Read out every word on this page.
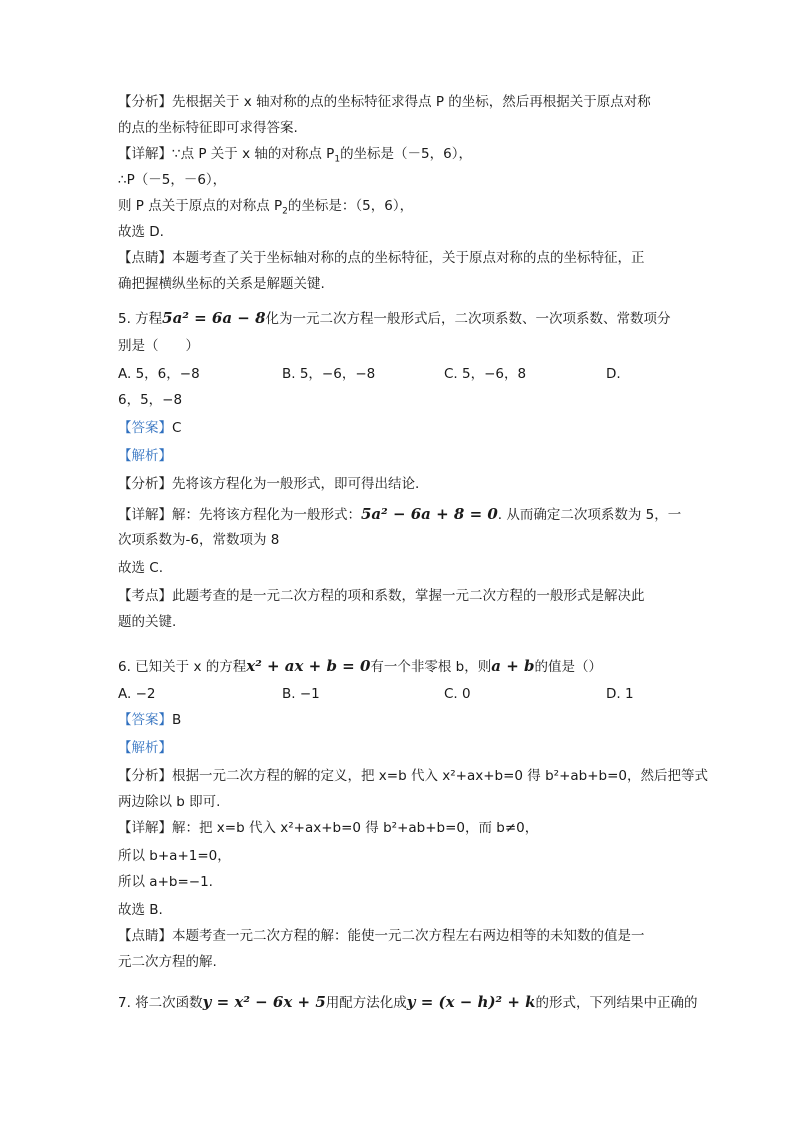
【分析】先根据关于 x 轴对称的点的坐标特征求得点 P 的坐标，然后再根据关于原点对称
的点的坐标特征即可求得答案.
【详解】∵点 P 关于 x 轴的对称点 $P_1$的坐标是（－5，6），
∴P（－5，－6），
则 P 点关于原点的对称点 $P_2$的坐标是：（5，6），
故选 D.
【点睛】本题考查了关于坐标轴对称的点的坐标特征，关于原点对称的点的坐标特征，正
确把握横纵坐标的关系是解题关键.
5. 方程5a² = 6a − 8化为一元二次方程一般形式后，二次项系数、一次项系数、常数项分
别是（　　）
A. 5，6，−8	B. 5，−6，−8	C. 5，−6，8	D.
6，5，−8
【答案】C
【解析】
【分析】先将该方程化为一般形式，即可得出结论.
【详解】解：先将该方程化为一般形式：5a² − 6a + 8 = 0. 从而确定二次项系数为 5，一
次项系数为-6，常数项为 8
故选 C.
【考点】此题考查的是一元二次方程的项和系数，掌握一元二次方程的一般形式是解决此
题的关键.
6. 已知关于 x 的方程x² + ax + b = 0有一个非零根 b，则a + b的值是（）
A. −2	B. −1	C. 0	D. 1
【答案】B
【解析】
【分析】根据一元二次方程的解的定义，把 x=b 代入 x²+ax+b=0 得 b²+ab+b=0，然后把等式
两边除以 b 即可.
【详解】解：把 x=b 代入 x²+ax+b=0 得 b²+ab+b=0，而 b≠0，
所以 b+a+1=0，
所以 a+b=−1.
故选 B.
【点睛】本题考查一元二次方程的解：能使一元二次方程左右两边相等的未知数的值是一
元二次方程的解.
7. 将二次函数y = x² − 6x + 5用配方法化成y = (x − h)² + k的形式，下列结果中正确的
